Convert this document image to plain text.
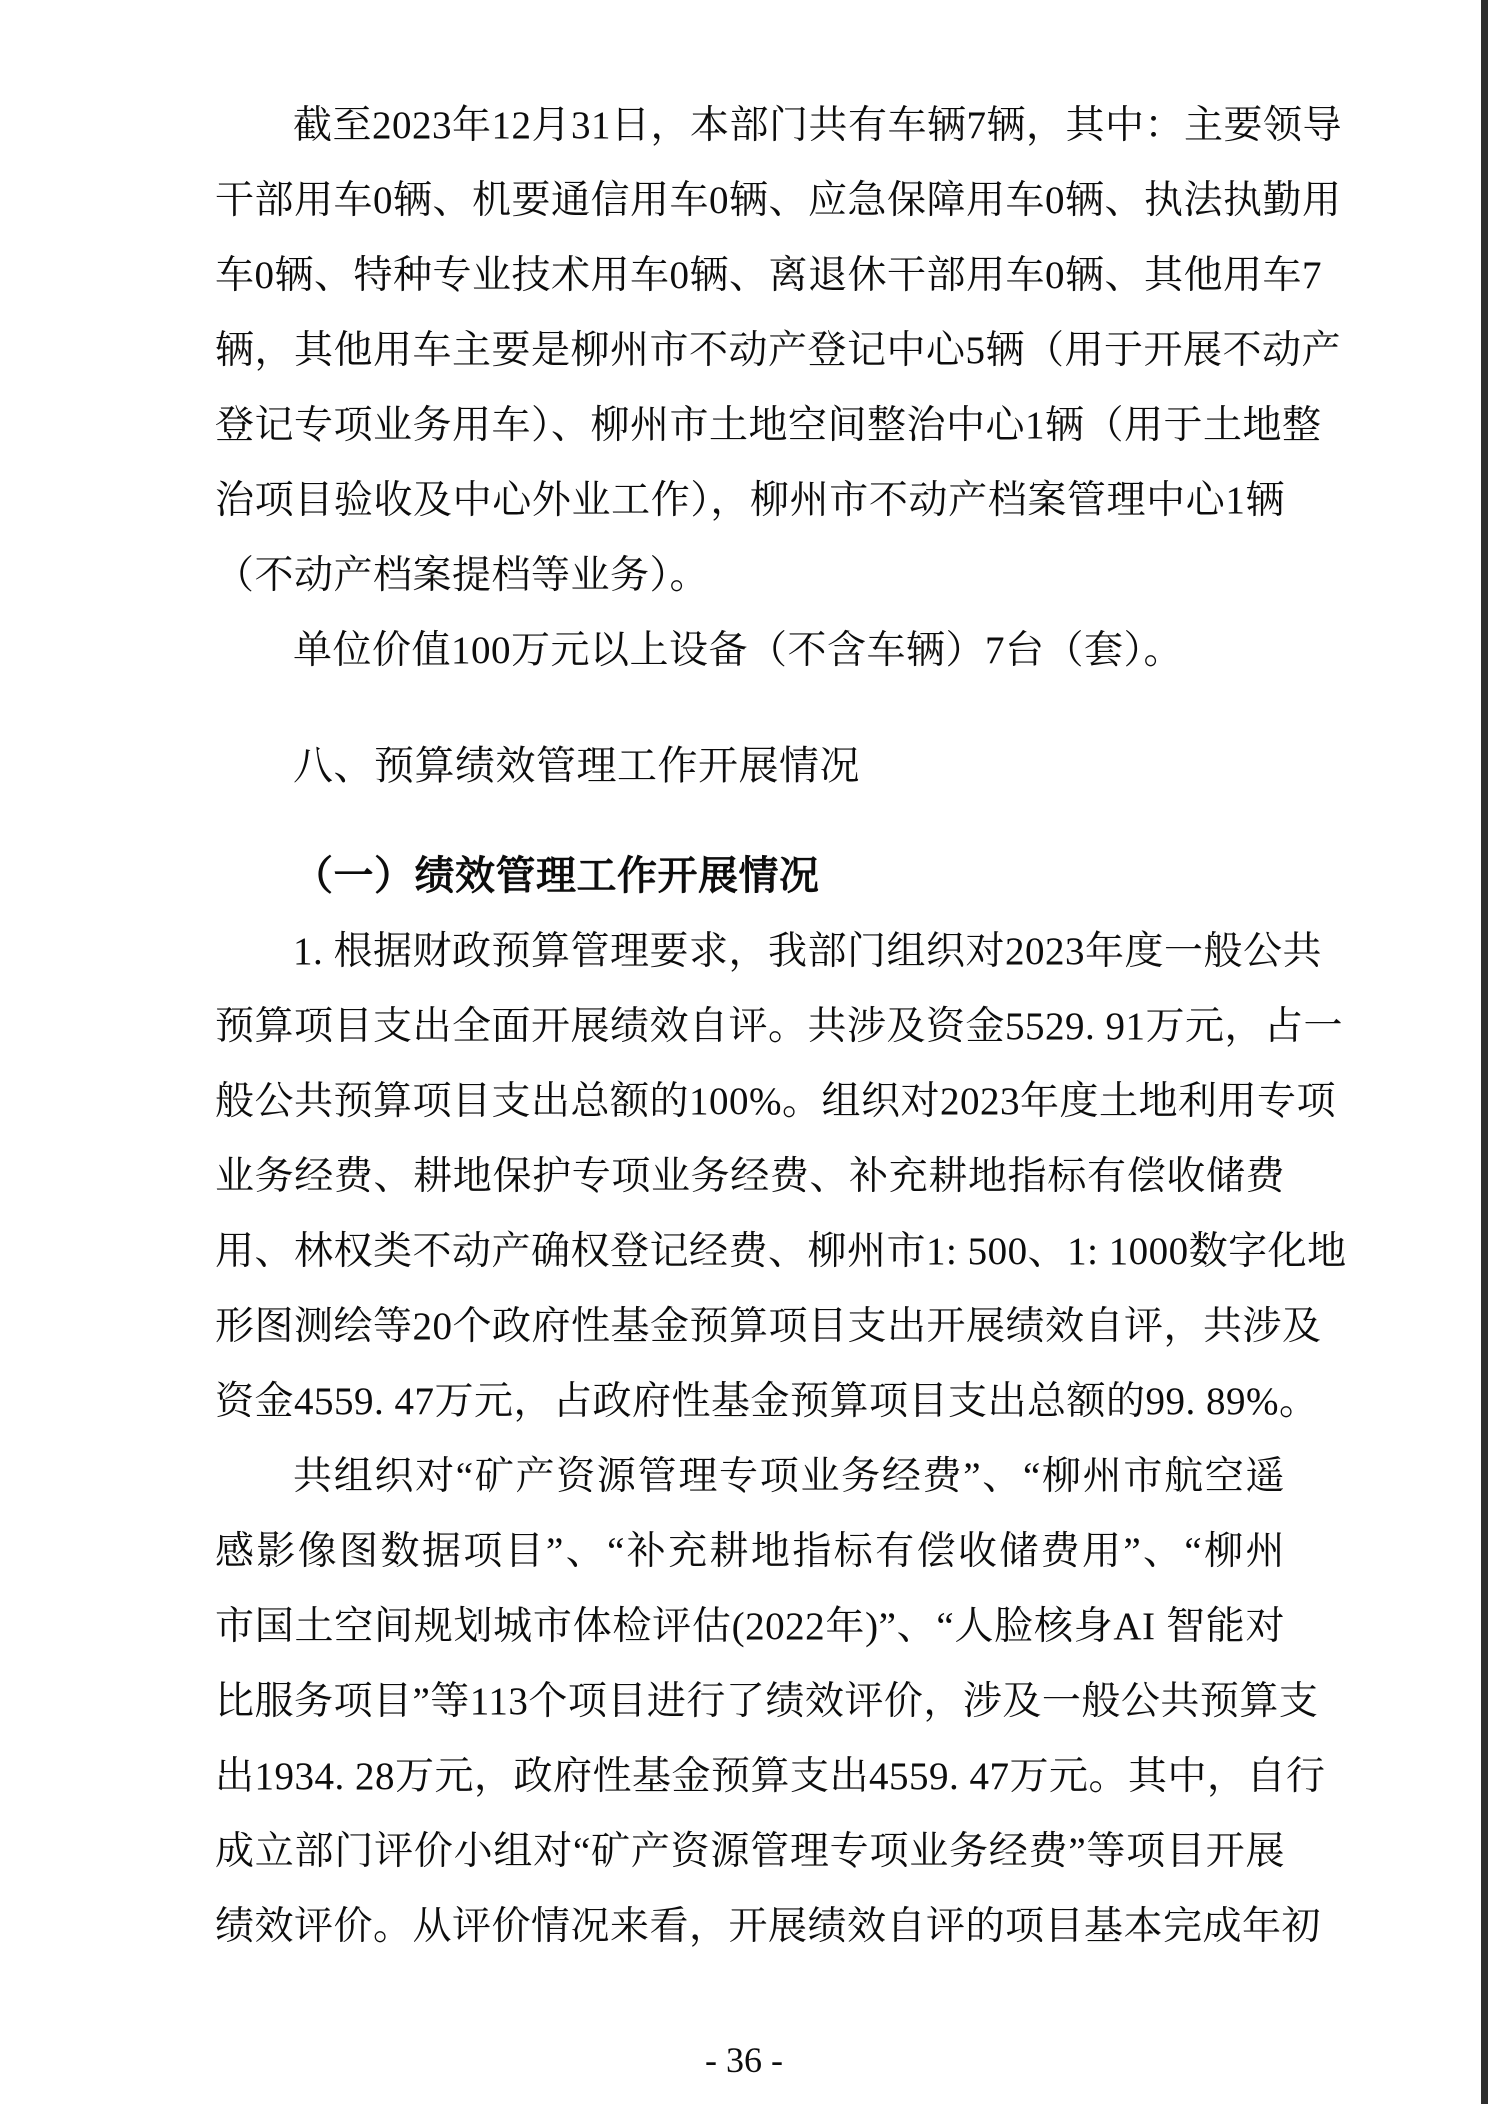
截至2023年12月31日，本部门共有车辆7辆，其中：主要领导
干部用车0辆、机要通信用车0辆、应急保障用车0辆、执法执勤用
车0辆、特种专业技术用车0辆、离退休干部用车0辆、其他用车7
辆，其他用车主要是柳州市不动产登记中心5辆（用于开展不动产
登记专项业务用车）、柳州市土地空间整治中心1辆（用于土地整
治项目验收及中心外业工作），柳州市不动产档案管理中心1辆
（不动产档案提档等业务）。
单位价值100万元以上设备（不含车辆）7台（套）。
八、预算绩效管理工作开展情况
（一）绩效管理工作开展情况
1. 根据财政预算管理要求，我部门组织对2023年度一般公共
预算项目支出全面开展绩效自评。共涉及资金5529. 91万元，占一
般公共预算项目支出总额的100%。组织对2023年度土地利用专项
业务经费、耕地保护专项业务经费、补充耕地指标有偿收储费
用、林权类不动产确权登记经费、柳州市1: 500、1: 1000数字化地
形图测绘等20个政府性基金预算项目支出开展绩效自评，共涉及
资金4559. 47万元，占政府性基金预算项目支出总额的99. 89%。
共组织对“矿产资源管理专项业务经费”、“柳州市航空遥
感影像图数据项目”、“补充耕地指标有偿收储费用”、“柳州
市国土空间规划城市体检评估(2022年)”、“人脸核身AI 智能对
比服务项目”等113个项目进行了绩效评价，涉及一般公共预算支
出1934. 28万元，政府性基金预算支出4559. 47万元。其中，自行
成立部门评价小组对“矿产资源管理专项业务经费”等项目开展
绩效评价。从评价情况来看，开展绩效自评的项目基本完成年初
- 36 -
